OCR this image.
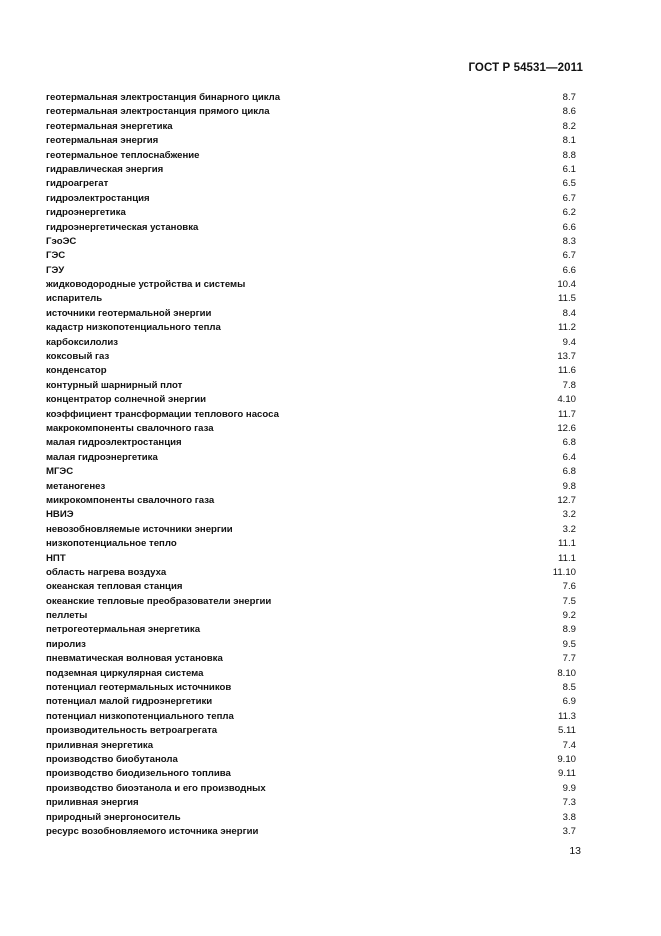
ГОСТ Р 54531—2011
геотермальная электростанция бинарного цикла	8.7
геотермальная электростанция прямого цикла	8.6
геотермальная энергетика	8.2
геотермальная энергия	8.1
геотермальное теплоснабжение	8.8
гидравлическая энергия	6.1
гидроагрегат	6.5
гидроэлектростанция	6.7
гидроэнергетика	6.2
гидроэнергетическая установка	6.6
ГэоЭС	8.3
ГЭС	6.7
ГЭУ	6.6
жидководородные устройства и системы	10.4
испаритель	11.5
источники геотермальной энергии	8.4
кадастр низкопотенциального тепла	11.2
карбоксилолиз	9.4
коксовый газ	13.7
конденсатор	11.6
контурный шарнирный плот	7.8
концентратор солнечной энергии	4.10
коэффициент трансформации теплового насоса	11.7
макрокомпоненты свалочного газа	12.6
малая гидроэлектростанция	6.8
малая гидроэнергетика	6.4
МГЭС	6.8
метаногенез	9.8
микрокомпоненты свалочного газа	12.7
НВИЭ	3.2
невозобновляемые источники энергии	3.2
низкопотенциальное тепло	11.1
НПТ	11.1
область нагрева воздуха	11.10
океанская тепловая станция	7.6
океанские тепловые преобразователи энергии	7.5
пеллеты	9.2
петрогеотермальная энергетика	8.9
пиролиз	9.5
пневматическая волновая установка	7.7
подземная циркулярная система	8.10
потенциал геотермальных источников	8.5
потенциал малой гидроэнергетики	6.9
потенциал низкопотенциального тепла	11.3
производительность ветроагрегата	5.11
приливная энергетика	7.4
производство биобутанола	9.10
производство биодизельного топлива	9.11
производство биоэтанола и его производных	9.9
приливная энергия	7.3
природный энергоноситель	3.8
ресурс возобновляемого источника энергии	3.7
13
